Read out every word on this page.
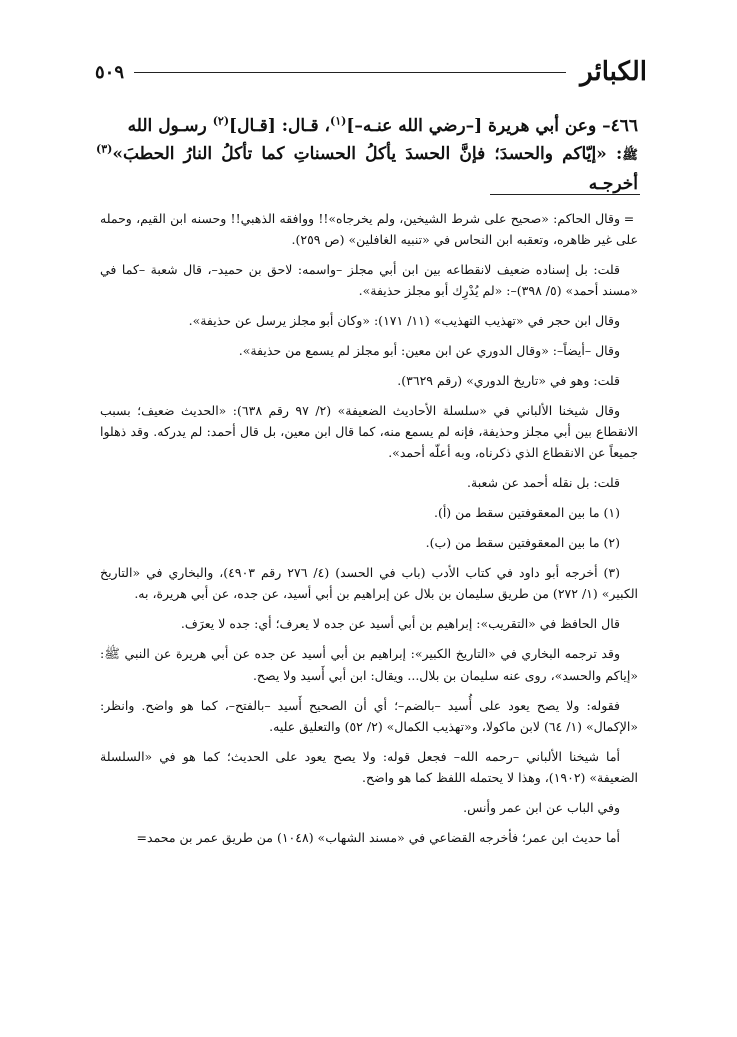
الكبائر
٥٠٩

٤٦٦– وعن أبي هريرة [–رضي الله عنـه–]$^{(١)}$، قـال: [قـال]$^{(٢)}$ رسـول الله

ﷺ: «إيّاكم والحسدَ؛ فإنَّ الحسدَ يأكلُ الحسناتِ كما تأكلُ النارُ الحطبَ»$^{(٣)}$ أخرجـه

=وقال الحاكم: «صحيح على شرط الشيخين، ولم يخرجاه»!! ووافقه الذهبي!! وحسنه ابن القيم، وحمله على غير ظاهره، وتعقبه ابن النحاس في «تنبيه الغافلين» (ص ٢٥٩).

قلت: بل إسناده ضعيف لانقطاعه بين ابن أبي مجلز –واسمه: لاحق بن حميد–، قال شعبة –كما في «مسند أحمد» (٥/ ٣٩٨)–: «لم يُدْرِك أبو مجلز حذيفة».

وقال ابن حجر في «تهذيب التهذيب» (١١/ ١٧١): «وكان أبو مجلز يرسل عن حذيفة».

وقال –أيضاً–: «وقال الدوري عن ابن معين: أبو مجلز لم يسمع من حذيفة».

قلت: وهو في «تاريخ الدوري» (رقم ٣٦٢٩).

وقال شيخنا الألباني في «سلسلة الأحاديث الضعيفة» (٢/ ٩٧ رقم ٦٣٨): «الحديث ضعيف؛ بسبب الانقطاع بين أبي مجلز وحذيفة، فإنه لم يسمع منه، كما قال ابن معين، بل قال أحمد: لم يدركه. وقد ذهلوا جميعاً عن الانقطاع الذي ذكرناه، وبه أعلّه أحمد».

قلت: بل نقله أحمد عن شعبة.

(١) ما بين المعقوفتين سقط من (أ).

(٢) ما بين المعقوفتين سقط من (ب).

(٣) أخرجه أبو داود في كتاب الأدب (باب في الحسد) (٤/ ٢٧٦ رقم ٤٩٠٣)، والبخاري في «التاريخ الكبير» (١/ ٢٧٢) من طريق سليمان بن بلال عن إبراهيم بن أبي أسيد، عن جده، عن أبي هريرة، به.

قال الحافظ في «التقريب»: إبراهيم بن أبي أسيد عن جده لا يعرف؛ أي: جده لا يعرَف.

وقد ترجمه البخاري في «التاريخ الكبير»: إبراهيم بن أبي أسيد عن جده عن أبي هريرة عن النبي ﷺ: «إياكم والحسد»، روى عنه سليمان بن بلال... ويقال: ابن أبي أَسيد ولا يصح.

فقوله: ولا يصح يعود على أُسيد –بالضم–؛ أي أن الصحيح أَسيد –بالفتح–، كما هو واضح. وانظر: «الإكمال» (١/ ٦٤) لابن ماكولا، و«تهذيب الكمال» (٢/ ٥٢) والتعليق عليه.

أما شيخنا الألباني –رحمه الله– فجعل قوله: ولا يصح يعود على الحديث؛ كما هو في «السلسلة الضعيفة» (١٩٠٢)، وهذا لا يحتمله اللفظ كما هو واضح.

وفي الباب عن ابن عمر وأنس.

أما حديث ابن عمر؛ فأخرجه القضاعي في «مسند الشهاب» (١٠٤٨) من طريق عمر بن محمد=
